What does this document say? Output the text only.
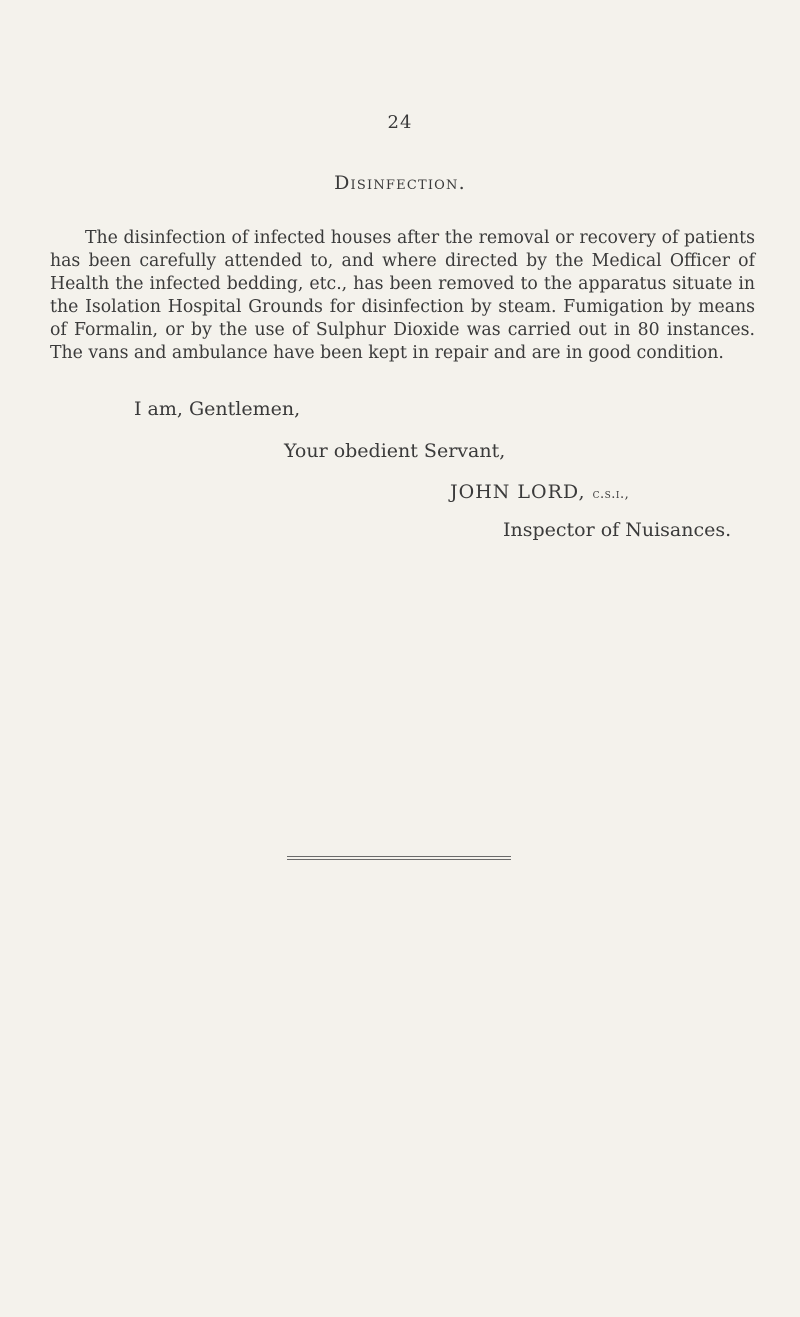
24
Disinfection.

The disinfection of infected houses after the removal or recovery of patients has been carefully attended to, and where directed by the Medical Officer of Health the infected bedding, etc., has been removed to the apparatus situate in the Isolation Hospital Grounds for disinfection by steam. Fumigation by means of Formalin, or by the use of Sulphur Dioxide was carried out in 80 instances. The vans and ambulance have been kept in repair and are in good condition.

I am, Gentlemen,
Your obedient Servant,
JOHN LORD, c.s.i.,
Inspector of Nuisances.
